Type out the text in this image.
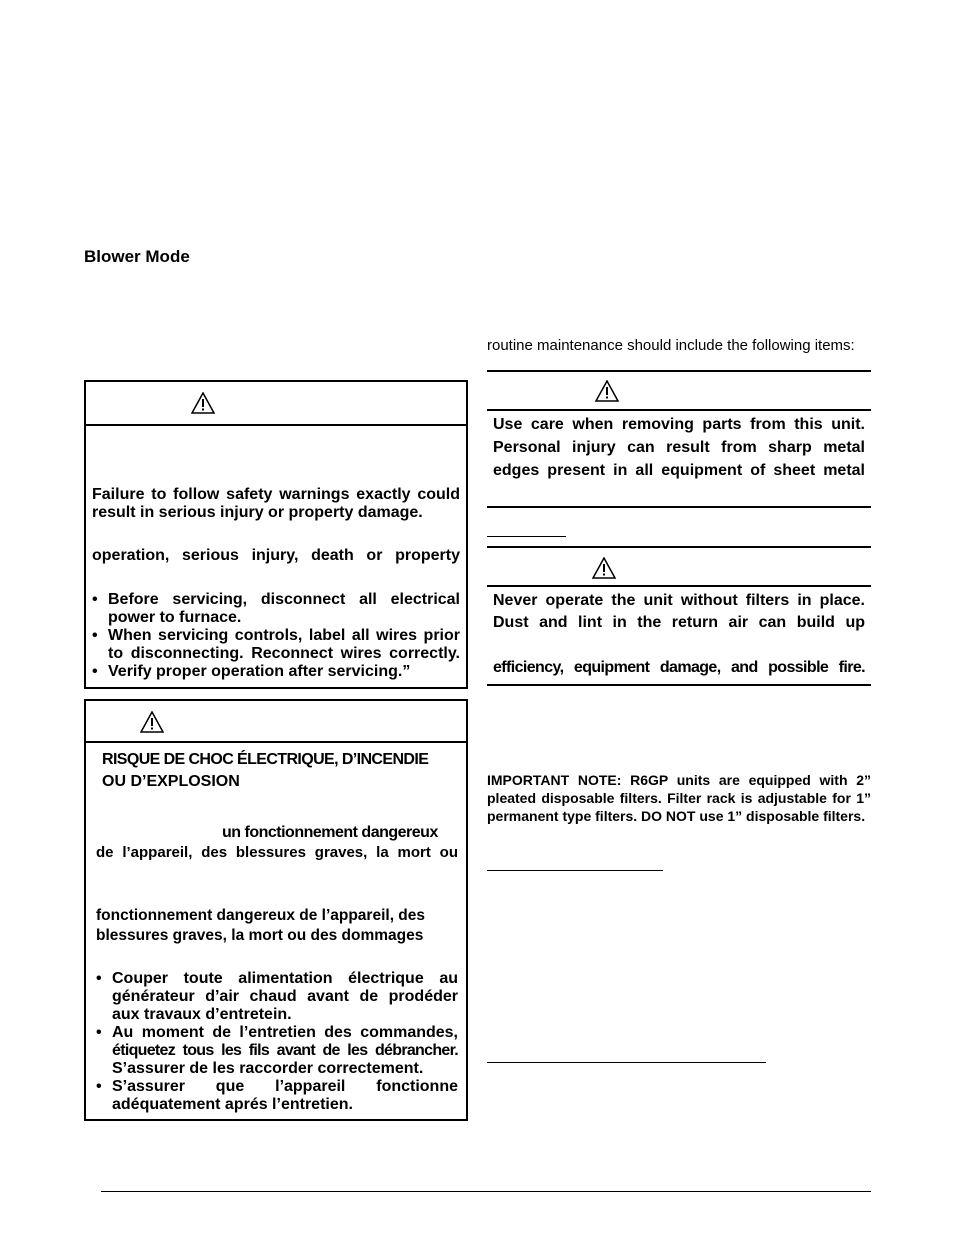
Blower Mode
Failure to follow safety warnings exactly could
result in serious injury or property damage.
operation, serious injury, death or property
• Before servicing, disconnect all electrical
power to furnace.
• When servicing controls, label all wires prior
to disconnecting. Reconnect wires correctly.
• Verify proper operation after servicing.”
RISQUE DE CHOC ÉLECTRIQUE, D’INCENDIE
OU D’EXPLOSION
un fonctionnement dangereux
de l’appareil, des blessures graves, la mort ou
fonctionnement dangereux de l’appareil, des
blessures graves, la mort ou des dommages
• Couper toute alimentation électrique au
générateur d’air chaud avant de prodéder
aux travaux d’entretein.
• Au moment de l’entretien des commandes,
étiquetez tous les fils avant de les débrancher.
S’assurer de les raccorder correctement.
• S’assurer que l’appareil fonctionne
adéquatement aprés l’entretien.
routine maintenance should include the following items:
Use care when removing parts from this unit.
Personal injury can result from sharp metal
edges present in all equipment of sheet metal
Never operate the unit without filters in place.
Dust and lint in the return air can build up
efficiency, equipment damage, and possible fire.
IMPORTANT NOTE: R6GP units are equipped with 2” pleated disposable filters. Filter rack is adjustable for 1” permanent type filters. DO NOT use 1” disposable filters.
